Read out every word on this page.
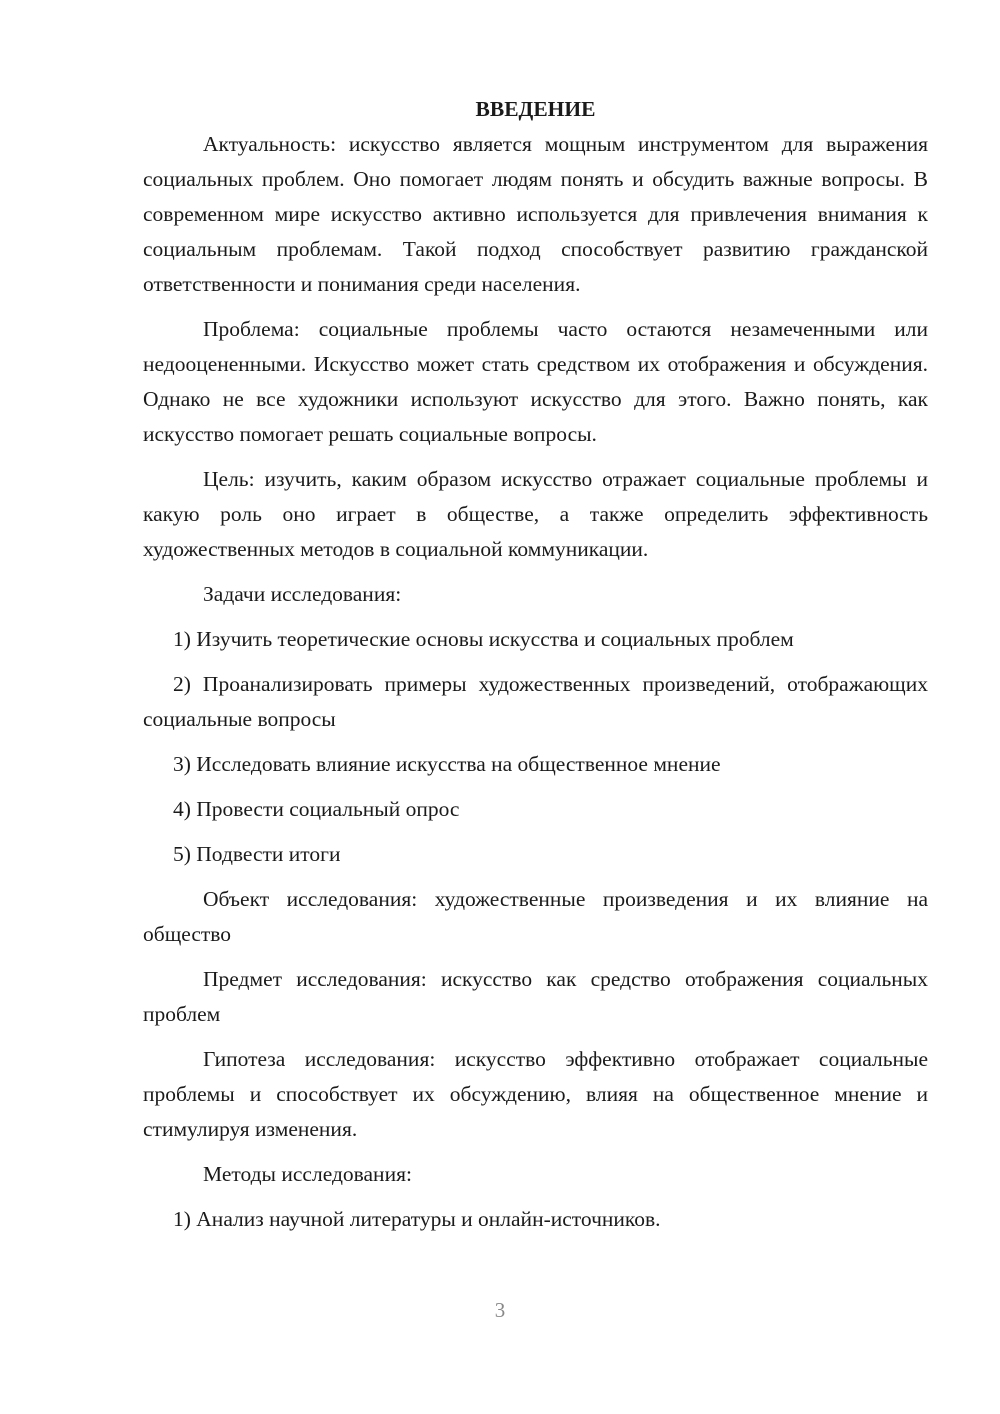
ВВЕДЕНИЕ

Актуальность: искусство является мощным инструментом для выражения социальных проблем. Оно помогает людям понять и обсудить важные вопросы. В современном мире искусство активно используется для привлечения внимания к социальным проблемам. Такой подход способствует развитию гражданской ответственности и понимания среди населения.

Проблема: социальные проблемы часто остаются незамеченными или недооцененными. Искусство может стать средством их отображения и обсуждения. Однако не все художники используют искусство для этого. Важно понять, как искусство помогает решать социальные вопросы.

Цель: изучить, каким образом искусство отражает социальные проблемы и какую роль оно играет в обществе, а также определить эффективность художественных методов в социальной коммуникации.

Задачи исследования:

1) Изучить теоретические основы искусства и социальных проблем

2) Проанализировать примеры художественных произведений, отображающих социальные вопросы

3) Исследовать влияние искусства на общественное мнение

4) Провести социальный опрос

5) Подвести итоги

Объект исследования: художественные произведения и их влияние на общество

Предмет исследования: искусство как средство отображения социальных проблем

Гипотеза исследования: искусство эффективно отображает социальные проблемы и способствует их обсуждению, влияя на общественное мнение и стимулируя изменения.

Методы исследования:

1) Анализ научной литературы и онлайн-источников.

3
